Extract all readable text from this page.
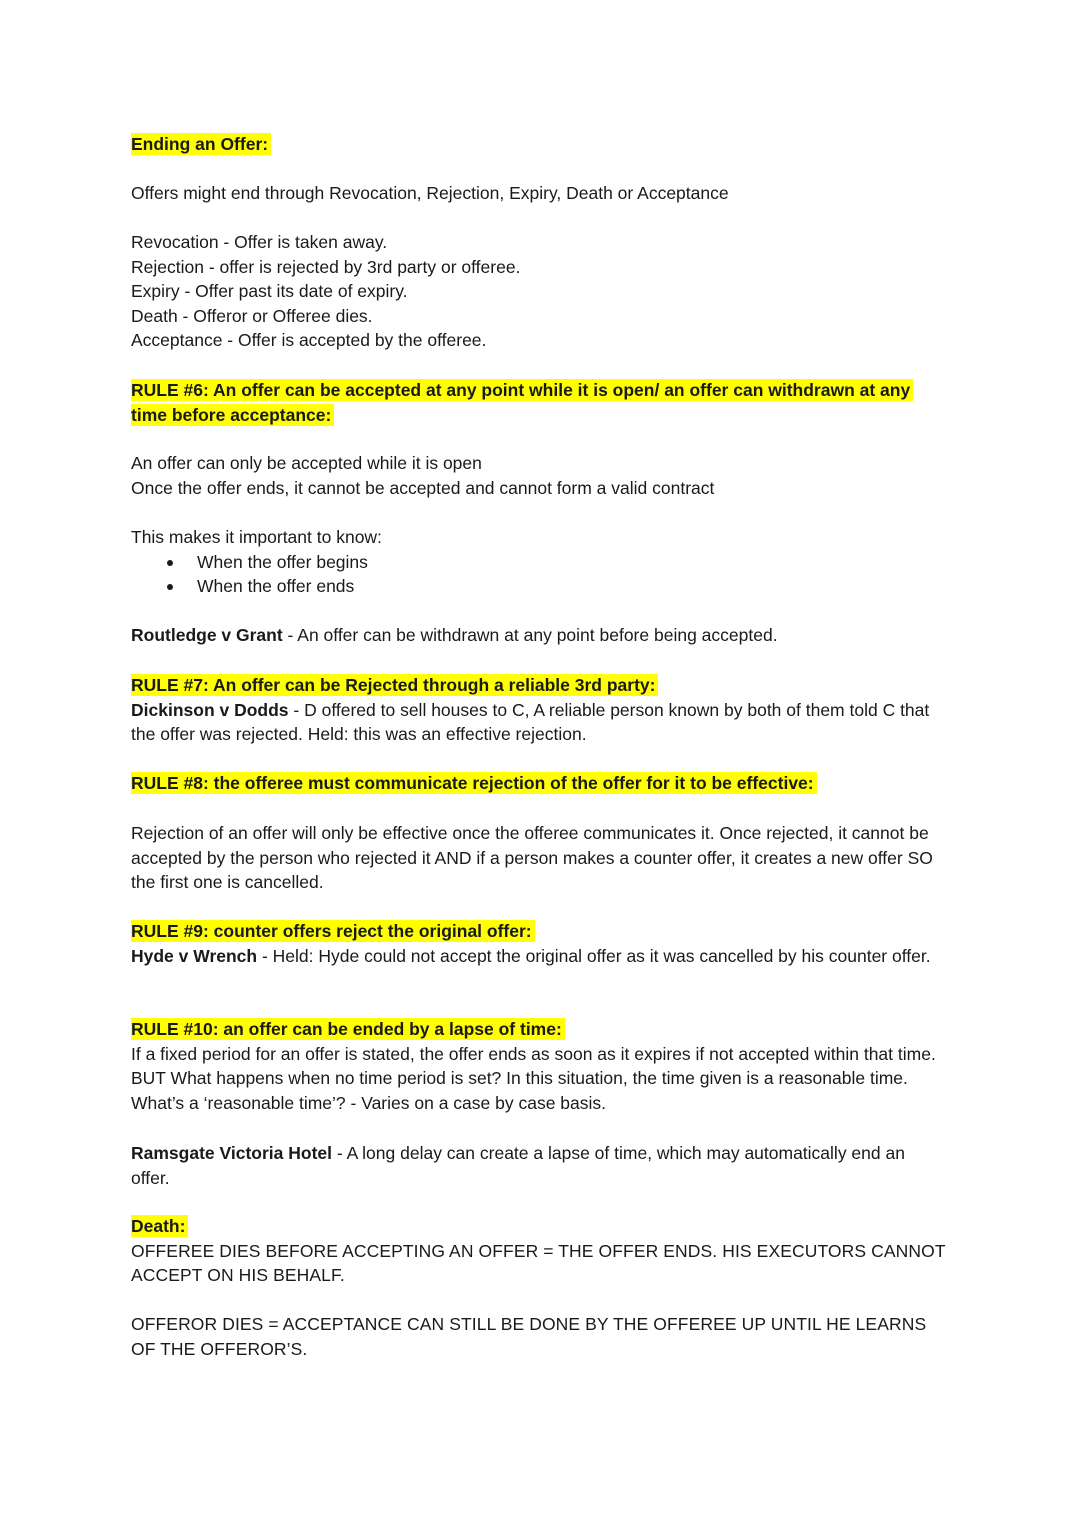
Ending an Offer:

Offers might end through Revocation, Rejection, Expiry, Death or Acceptance

Revocation - Offer is taken away.
Rejection - offer is rejected by 3rd party or offeree.
Expiry - Offer past its date of expiry.
Death - Offeror or Offeree dies.
Acceptance - Offer is accepted by the offeree.

RULE #6: An offer can be accepted at any point while it is open/ an offer can withdrawn at any time before acceptance:

An offer can only be accepted while it is open
Once the offer ends, it cannot be accepted and cannot form a valid contract
This makes it important to know:
When the offer begins
When the offer ends

Routledge v Grant - An offer can be withdrawn at any point before being accepted.

RULE #7: An offer can be Rejected through a reliable 3rd party:
Dickinson v Dodds - D offered to sell houses to C, A reliable person known by both of them told C that the offer was rejected. Held: this was an effective rejection.

RULE #8: the offeree must communicate rejection of the offer for it to be effective:

Rejection of an offer will only be effective once the offeree communicates it. Once rejected, it cannot be accepted by the person who rejected it AND if a person makes a counter offer, it creates a new offer SO the first one is cancelled.

RULE #9: counter offers reject the original offer:
Hyde v Wrench - Held: Hyde could not accept the original offer as it was cancelled by his counter offer.
RULE #10: an offer can be ended by a lapse of time:
If a fixed period for an offer is stated, the offer ends as soon as it expires if not accepted within that time. BUT What happens when no time period is set? In this situation, the time given is a reasonable time. What’s a ‘reasonable time’? - Varies on a case by case basis.

Ramsgate Victoria Hotel - A long delay can create a lapse of time, which may automatically end an offer.

Death:
OFFEREE DIES BEFORE ACCEPTING AN OFFER = THE OFFER ENDS. HIS EXECUTORS CANNOT ACCEPT ON HIS BEHALF.

OFFEROR DIES = ACCEPTANCE CAN STILL BE DONE BY THE OFFEREE UP UNTIL HE LEARNS OF THE OFFEROR’S.
